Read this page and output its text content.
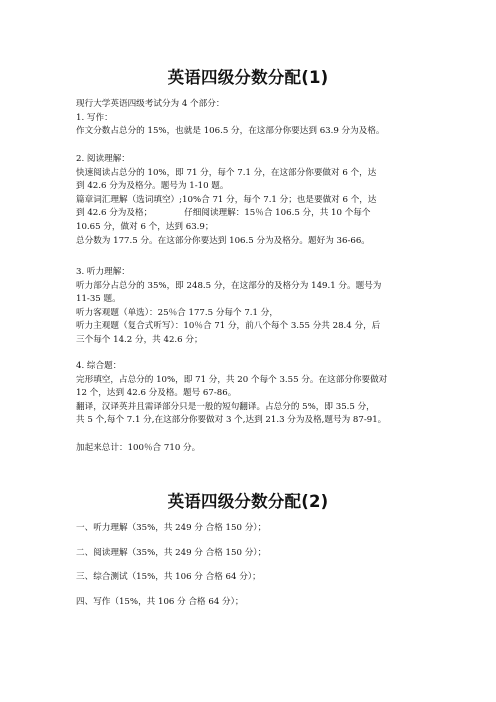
英语四级分数分配(1)
现行大学英语四级考试分为 4 个部分：
1. 写作：
作文分数占总分的 15%，也就是 106.5 分，在这部分你要达到 63.9 分为及格。
2. 阅读理解：
快速阅读占总分的 10%，即 71 分，每个 7.1 分，在这部分你要做对 6 个，达
到 42.6 分为及格分。题号为 1-10 题。
篇章词汇理解（选词填空）;10%合 71 分，每个 7.1 分；也是要做对 6 个，达
到 42.6 分为及格；	仔细阅读理解：15％合 106.5 分，共 10 个每个
10.65 分，做对 6 个，达到 63.9；
总分数为 177.5 分。在这部分你要达到 106.5 分为及格分。题好为 36-66。
3. 听力理解：
听力部分占总分的 35%，即 248.5 分，在这部分的及格分为 149.1 分。题号为
11-35 题。
听力客观题（单选）：25％合 177.5 分每个 7.1 分，
听力主观题（复合式听写）：10％合 71 分，前八个每个 3.55 分共 28.4 分，后
三个每个 14.2 分，共 42.6 分；
4. 综合题：
完形填空，占总分的 10%，即 71 分，共 20 个每个 3.55 分。在这部分你要做对
12 个，达到 42.6 分及格。题号 67-86。
翻译，汉译英并且需译部分只是一般的短句翻译。占总分的 5%，即 35.5 分，
共 5 个,每个 7.1 分,在这部分你要做对 3 个,达到 21.3 分为及格,题号为 87-91。
加起来总计：100％合 710 分。
英语四级分数分配(2)
一、听力理解（35%，共 249 分 合格 150 分）；
二、阅读理解（35%，共 249 分 合格 150 分）；
三、综合测试（15%，共 106 分 合格 64 分）；
四、写作（15%，共 106 分 合格 64 分）；
